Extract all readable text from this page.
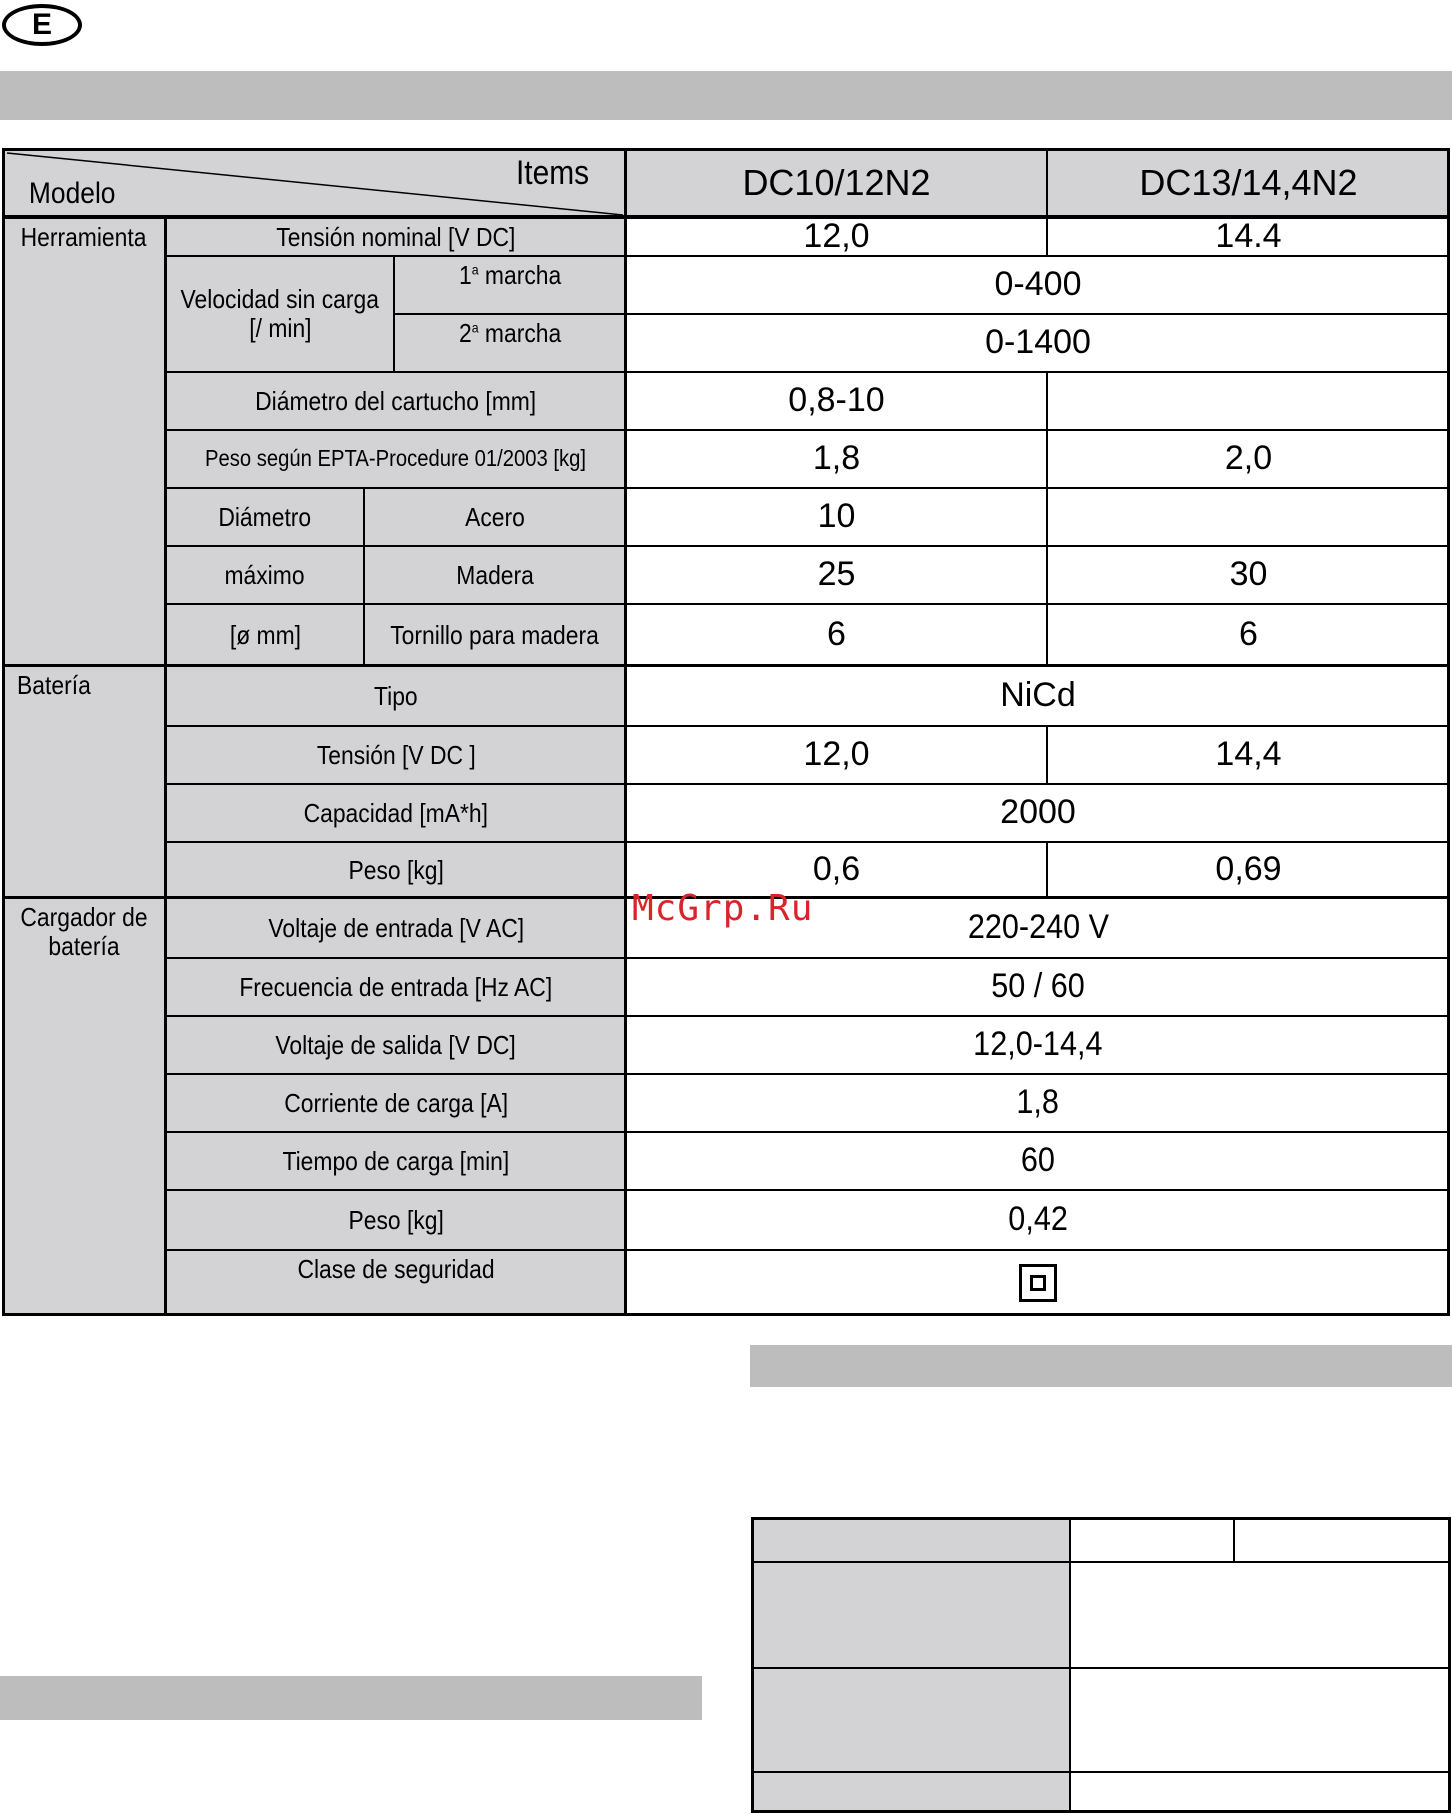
E
Modelo
Items	DC10/12N2	DC13/14,4N2
Herramienta
Batería
Cargador de batería
Tensión nominal [V DC]	12,0	14.4
Velocidad sin carga
[/ min]
1$^a$ marcha	0-400
2$^a$ marcha	0-1400
Diámetro del cartucho [mm]	0,8-10
Peso según EPTA-Procedure 01/2003 [kg]	1,8	2,0
Diámetro	Acero	10
máximo	Madera	25	30
[ø mm]	Tornillo para madera	6	6
Tipo	NiCd
Tensión [V DC ]	12,0	14,4
Capacidad [mA*h]	2000
Peso [kg]	0,6	0,69
Voltaje de entrada [V AC]	220-240 V
Frecuencia de entrada [Hz AC]	50 / 60
Voltaje de salida [V DC]	12,0-14,4
Corriente de carga [A]	1,8
Tiempo de carga [min]	60
Peso [kg]	0,42
Clase de seguridad
McGrp.Ru
